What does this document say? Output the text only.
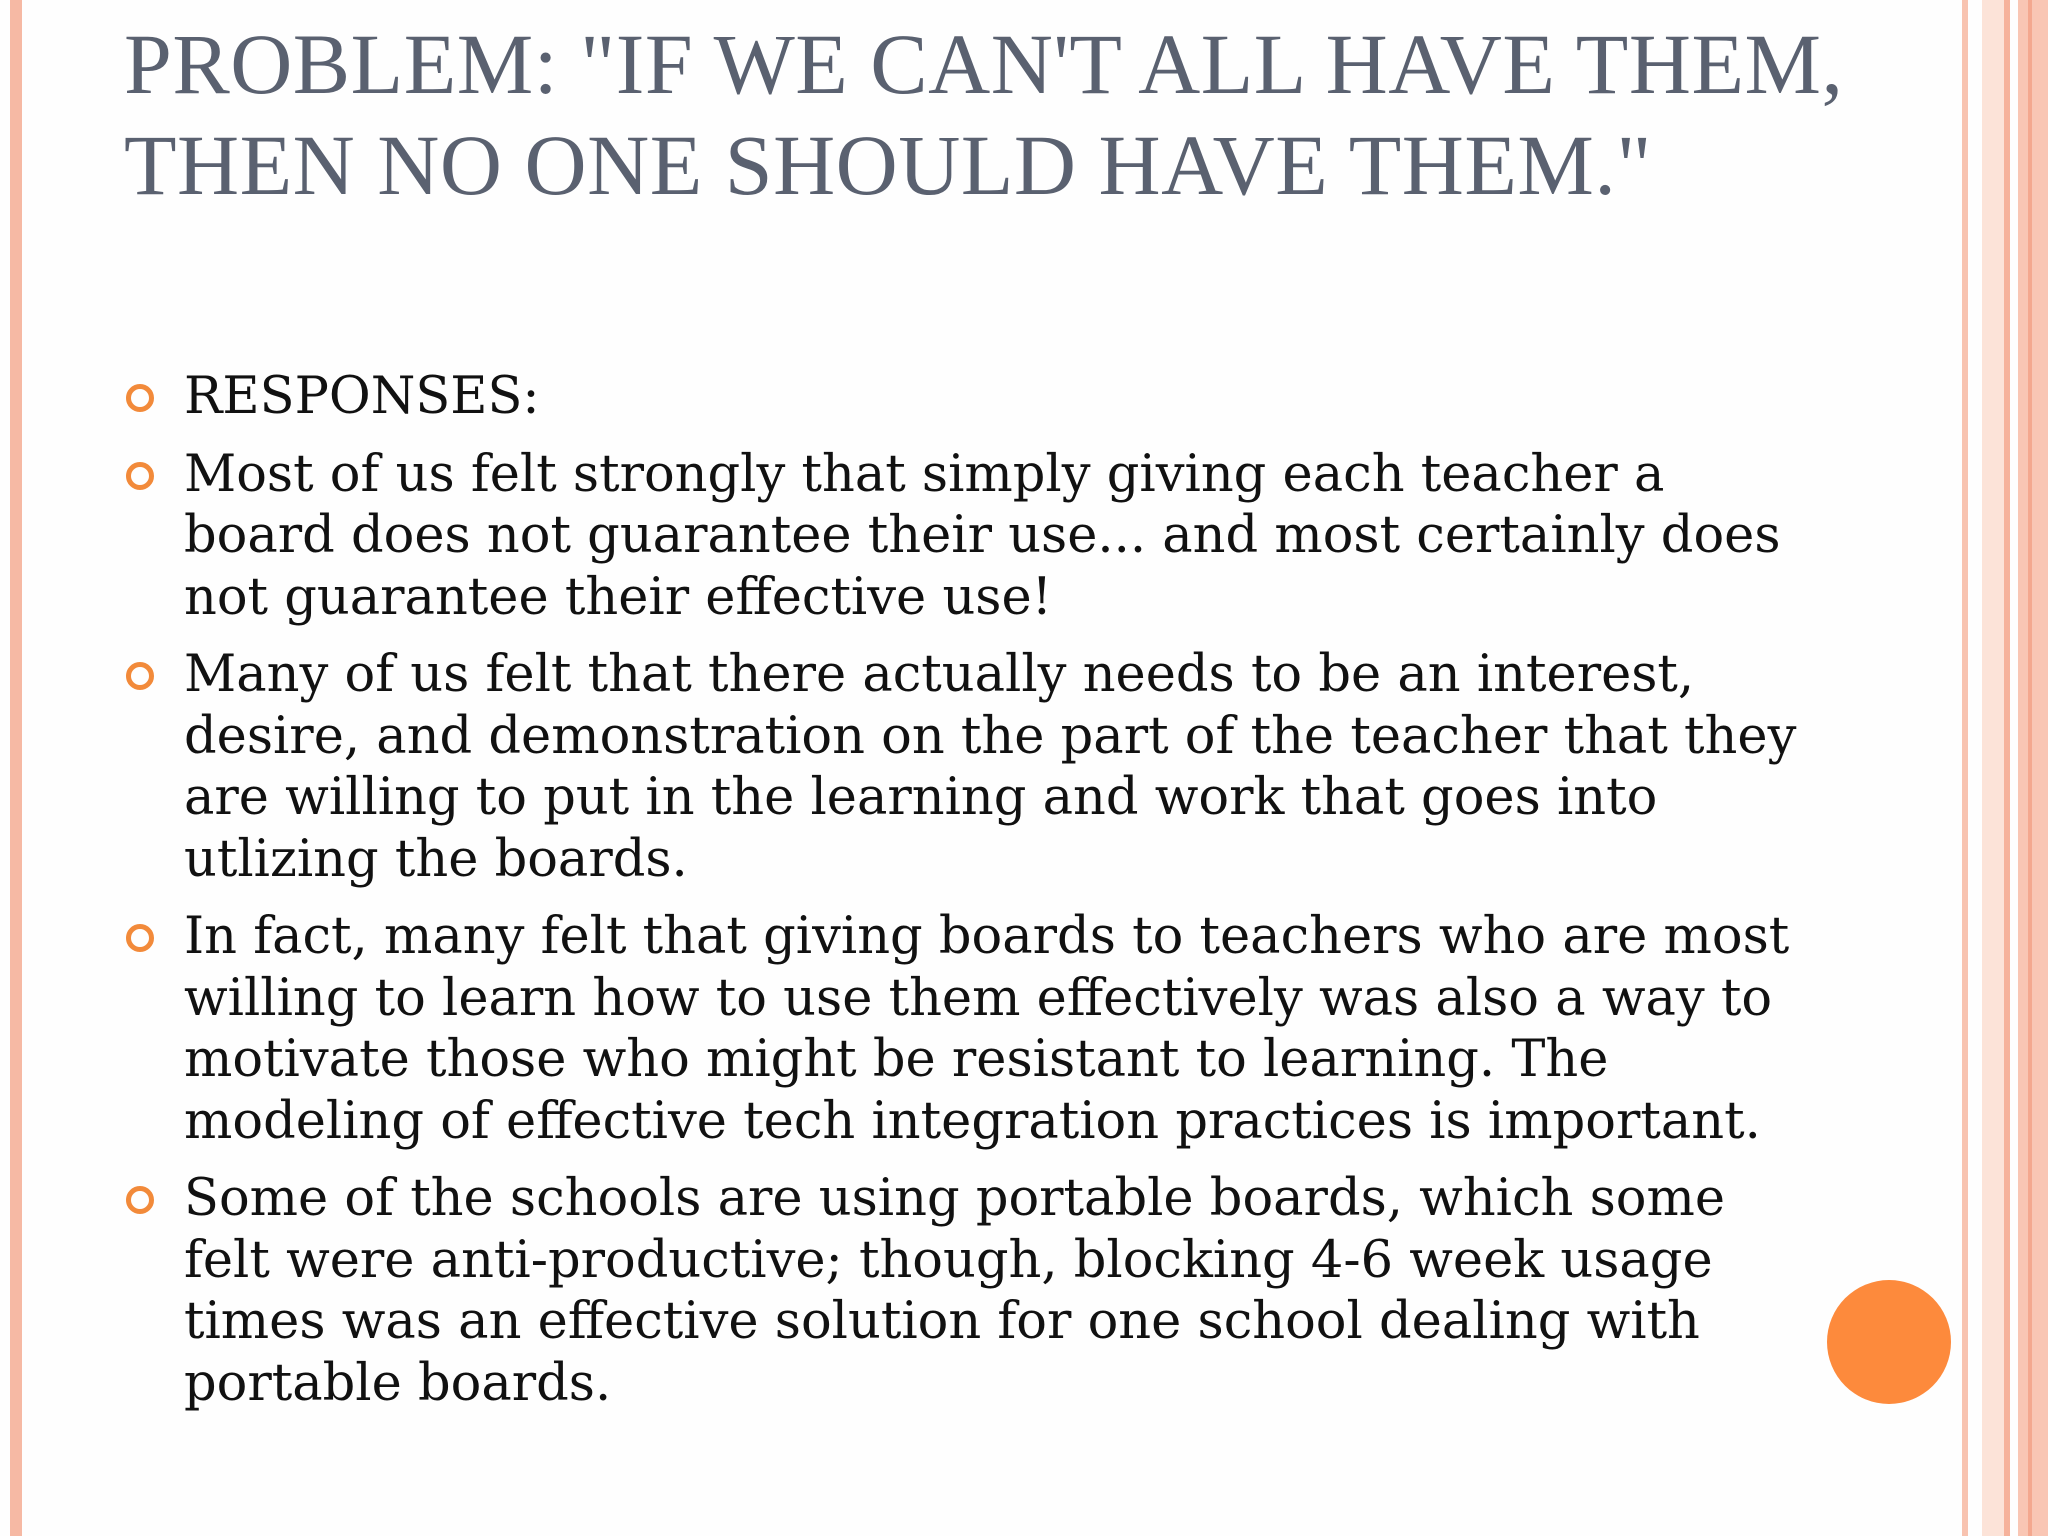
PROBLEM: "IF WE CAN'T ALL HAVE THEM, THEN NO ONE SHOULD HAVE THEM."
RESPONSES:
Most of us felt strongly that simply giving each teacher a board does not guarantee their use... and most certainly does not guarantee their effective use!
Many of us felt that there actually needs to be an interest, desire, and demonstration on the part of the teacher that they are willing to put in the learning and work that goes into utlizing the boards.
In fact, many felt that giving boards to teachers who are most willing to learn how to use them effectively was also a way to motivate those who might be resistant to learning. The modeling of effective tech integration practices is important.
Some of the schools are using portable boards, which some felt were anti-productive; though, blocking 4-6 week usage times was an effective solution for one school dealing with portable boards.
